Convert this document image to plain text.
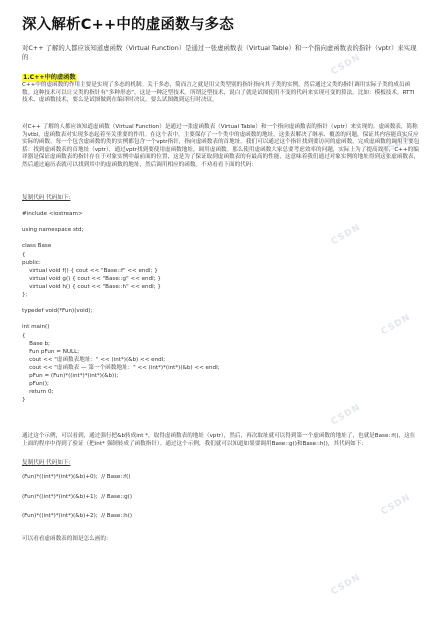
CSDN
CSDN
CSDN
CSDN
CSDN
CSDN
CSDN
深入解析C++中的虚函数与多态
对C++ 了解的人都应该知道虚函数（Virtual Function）是通过一张虚函数表（Virtual Table）和一个指向虚函数表的指针（vptr）来实现的
1.C++中的虚函数
C++中的虚函数的作用主要是实现了多态的机制。关于多态，简而言之就是用父类型别的指针指向其子类的实例，然后通过父类的指针调用实际子类的成员函数。这种技术可以让父类的指针有“多种形态”，这是一种泛型技术。所谓泛型技术，说白了就是试图使用不变的代码来实现可变的算法。比如：模板技术，RTTI技术，虚函数技术，要么是试图做到在编译时决议，要么试图做到运行时决议。
对C++ 了解的人都应该知道虚函数（Virtual Function）是通过一张虚函数表（Virtual Table）和一个指向虚函数表的指针（vptr）来实现的。虚函数表，简称为vtbl，虚函数表对实现多态起着至关重要的作用。在这个表中，主要保存了一个类中的虚函数的地址，这张表解决了继承、覆盖的问题，保证其内容能真实反应实际的函数。每一个包含虚函数的类的实例都包含一个vptr指针，指向虚函数表的首地址。我们可以通过这个指针找到要访问的虚函数，完成虚函数的调用主要包括：找到虚函数表的首地址（vptr），通过vptr找到要使用虚函数地址，调用虚函数。那么使用虚函数大家总要考虑效率的问题，实际上为了提高效率，C++的编译器是保证虚函数表的指针存在于对象实例中最前面的位置，这是为了保证取到虚函数表的有最高的性能，这意味着我们通过对象实例的地址得到这张虚函数表，然后通过遍历表就可以找到其中的虚函数的地址，然后调用相应的函数。不劝看看下面的代码：
复制代码 代码如下:
#include <iostream>
using namespace std;
class Base
{
public:
virtual void f() { cout << "Base::f" << endl; }
virtual void g() { cout << "Base::g" << endl; }
virtual void h() { cout << "Base::h" << endl; }
};
typedef void(*Fun)(void);
int main()
{
Base b;
Fun pFun = NULL;
cout << "虚函数表地址：" << (int*)(&b) << endl;
cout << "虚函数表 — 第一个函数地址：" << (int*)*(int*)(&b) << endl;
pFun = (Fun)*((int*)*(int*)(&b));
pFun();
return 0;
}
通过这个示例，可以看到，通过强行把&b转成int *，取得虚函数表的地址（vptr），然后，再次取址就可以得到第一个虚函数的地址了，也就是Base::f()，这在上面的程序中得到了验证（把int* 强制转成了函数指针）。通过这个示例，我们就可以知道如果要调用Base::g()和Base::h()，其代码如下：
复制代码 代码如下:
(Fun)*((int*)*(int*)(&b)+0);  // Base::f()
(Fun)*((int*)*(int*)(&b)+1);  // Base::g()
(Fun)*((int*)*(int*)(&b)+2);  // Base::h()
可以看看虚函数表的图是怎么画的：
